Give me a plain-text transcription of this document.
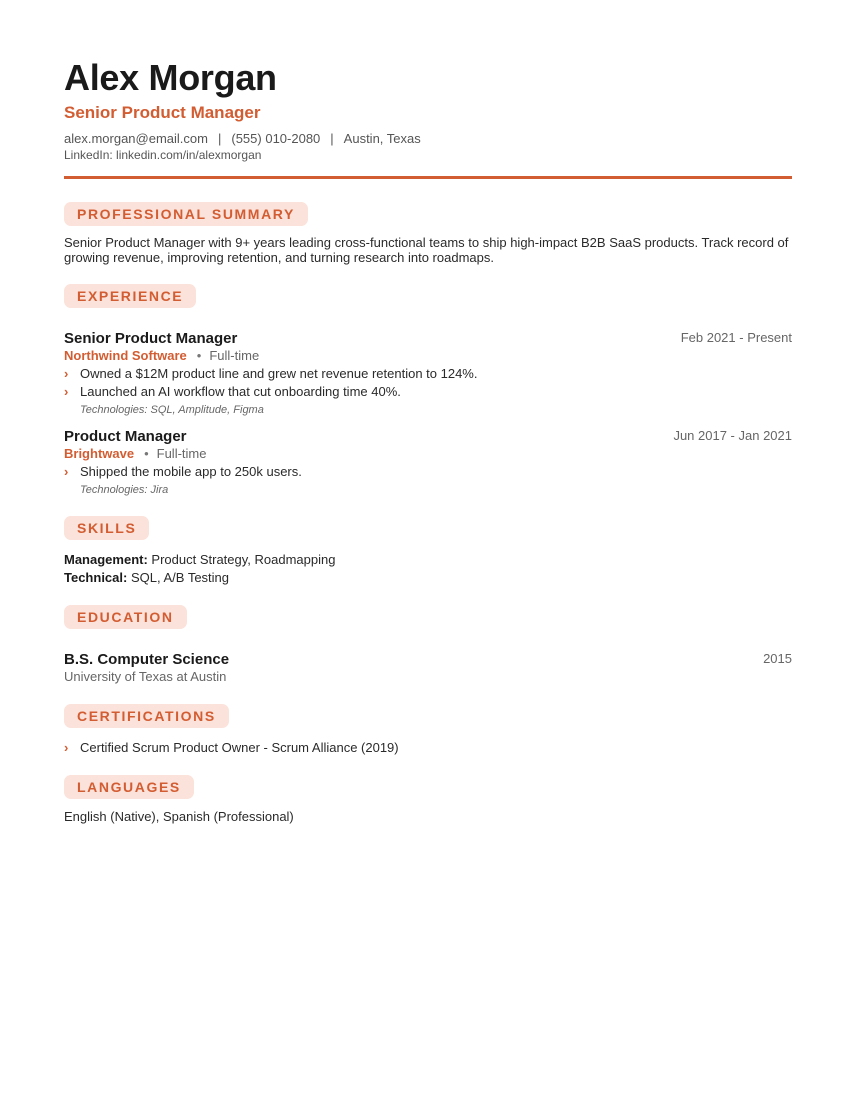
Alex Morgan
Senior Product Manager
alex.morgan@email.com | (555) 010-2080 | Austin, Texas
LinkedIn: linkedin.com/in/alexmorgan
PROFESSIONAL SUMMARY
Senior Product Manager with 9+ years leading cross-functional teams to ship high-impact B2B SaaS products. Track record of growing revenue, improving retention, and turning research into roadmaps.
EXPERIENCE
Senior Product Manager	Feb 2021 - Present
Northwind Software • Full-time
› Owned a $12M product line and grew net revenue retention to 124%.
› Launched an AI workflow that cut onboarding time 40%.
Technologies: SQL, Amplitude, Figma
Product Manager	Jun 2017 - Jan 2021
Brightwave • Full-time
› Shipped the mobile app to 250k users.
Technologies: Jira
SKILLS
Management: Product Strategy, Roadmapping
Technical: SQL, A/B Testing
EDUCATION
B.S. Computer Science	2015
University of Texas at Austin
CERTIFICATIONS
› Certified Scrum Product Owner - Scrum Alliance (2019)
LANGUAGES
English (Native), Spanish (Professional)
